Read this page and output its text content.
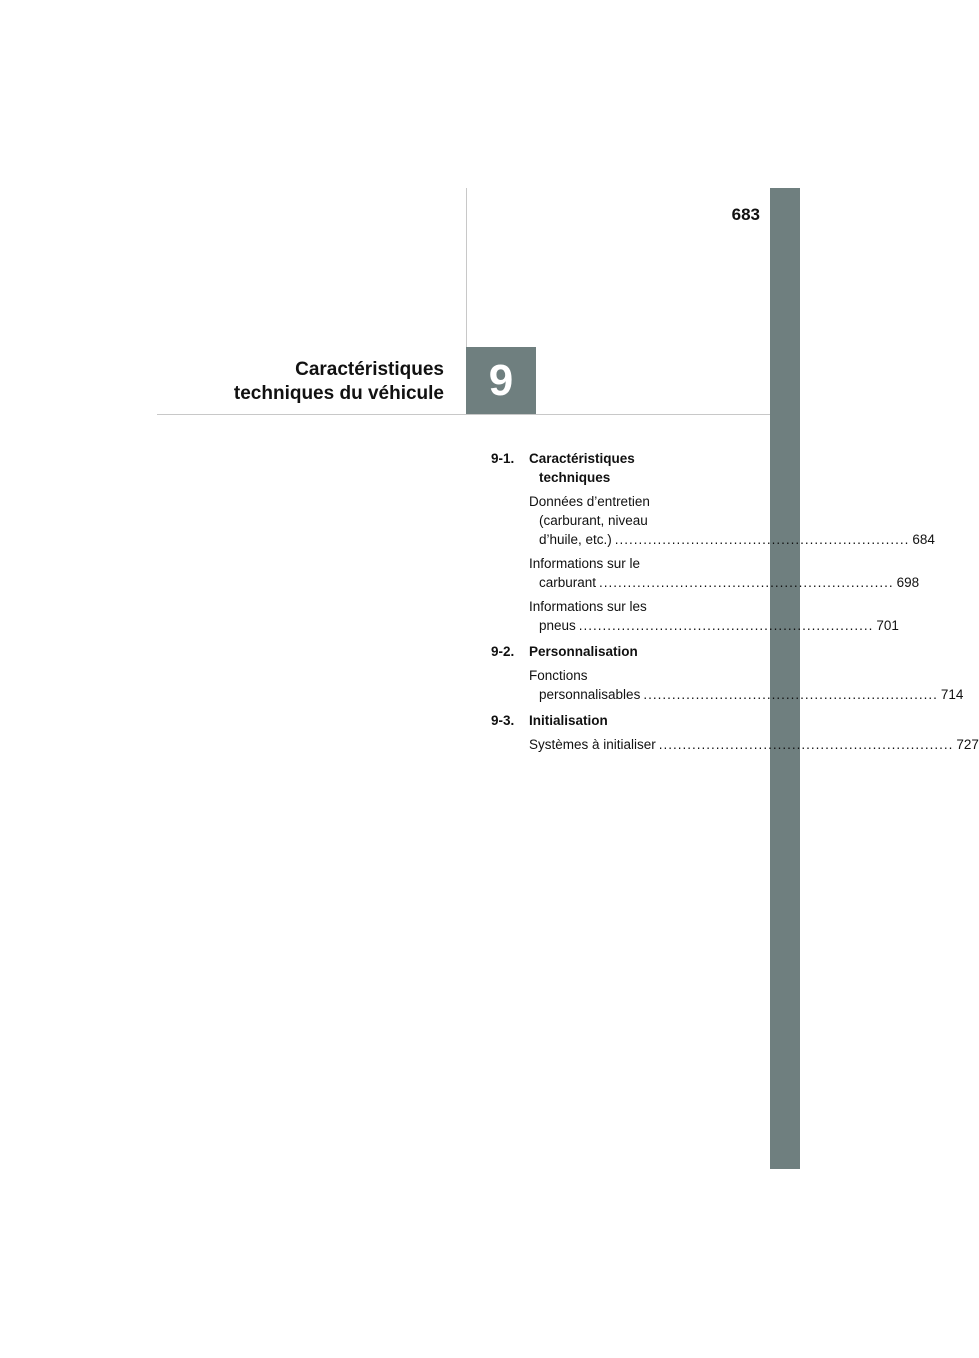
683
Caractéristiques
techniques du véhicule	9
9-1.	Caractéristiques
techniques
Données d’entretien
(carburant, niveau
d’huile, etc.) .............................................................. 684
Informations sur le
carburant .............................................................. 698
Informations sur les
pneus .............................................................. 701
9-2.	Personnalisation
Fonctions
personnalisables .............................................................. 714
9-3.	Initialisation
Systèmes à initialiser .............................................................. 727
